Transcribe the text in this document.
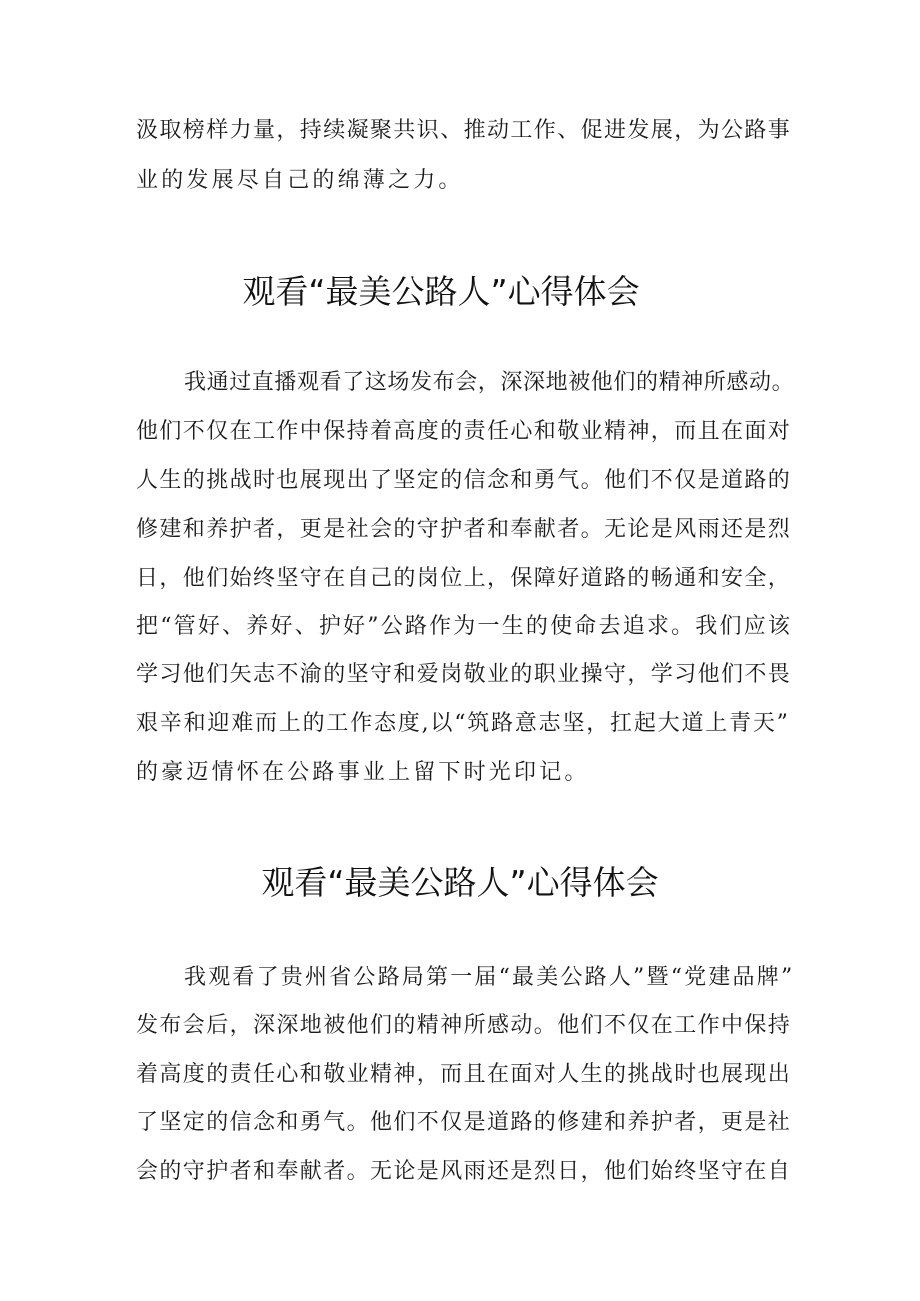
汲取榜样力量，持续凝聚共识、推动工作、促进发展，为公路事
业的发展尽自己的绵薄之力。
观看“最美公路人”心得体会
我通过直播观看了这场发布会，深深地被他们的精神所感动。
他们不仅在工作中保持着高度的责任心和敬业精神，而且在面对
人生的挑战时也展现出了坚定的信念和勇气。他们不仅是道路的
修建和养护者，更是社会的守护者和奉献者。无论是风雨还是烈
日，他们始终坚守在自己的岗位上，保障好道路的畅通和安全，
把“管好、养好、护好”公路作为一生的使命去追求。我们应该
学习他们矢志不渝的坚守和爱岗敬业的职业操守，学习他们不畏
艰辛和迎难而上的工作态度,以“筑路意志坚，扛起大道上青天”
的豪迈情怀在公路事业上留下时光印记。
观看“最美公路人”心得体会
我观看了贵州省公路局第一届“最美公路人”暨“党建品牌”
发布会后，深深地被他们的精神所感动。他们不仅在工作中保持
着高度的责任心和敬业精神，而且在面对人生的挑战时也展现出
了坚定的信念和勇气。他们不仅是道路的修建和养护者，更是社
会的守护者和奉献者。无论是风雨还是烈日，他们始终坚守在自
